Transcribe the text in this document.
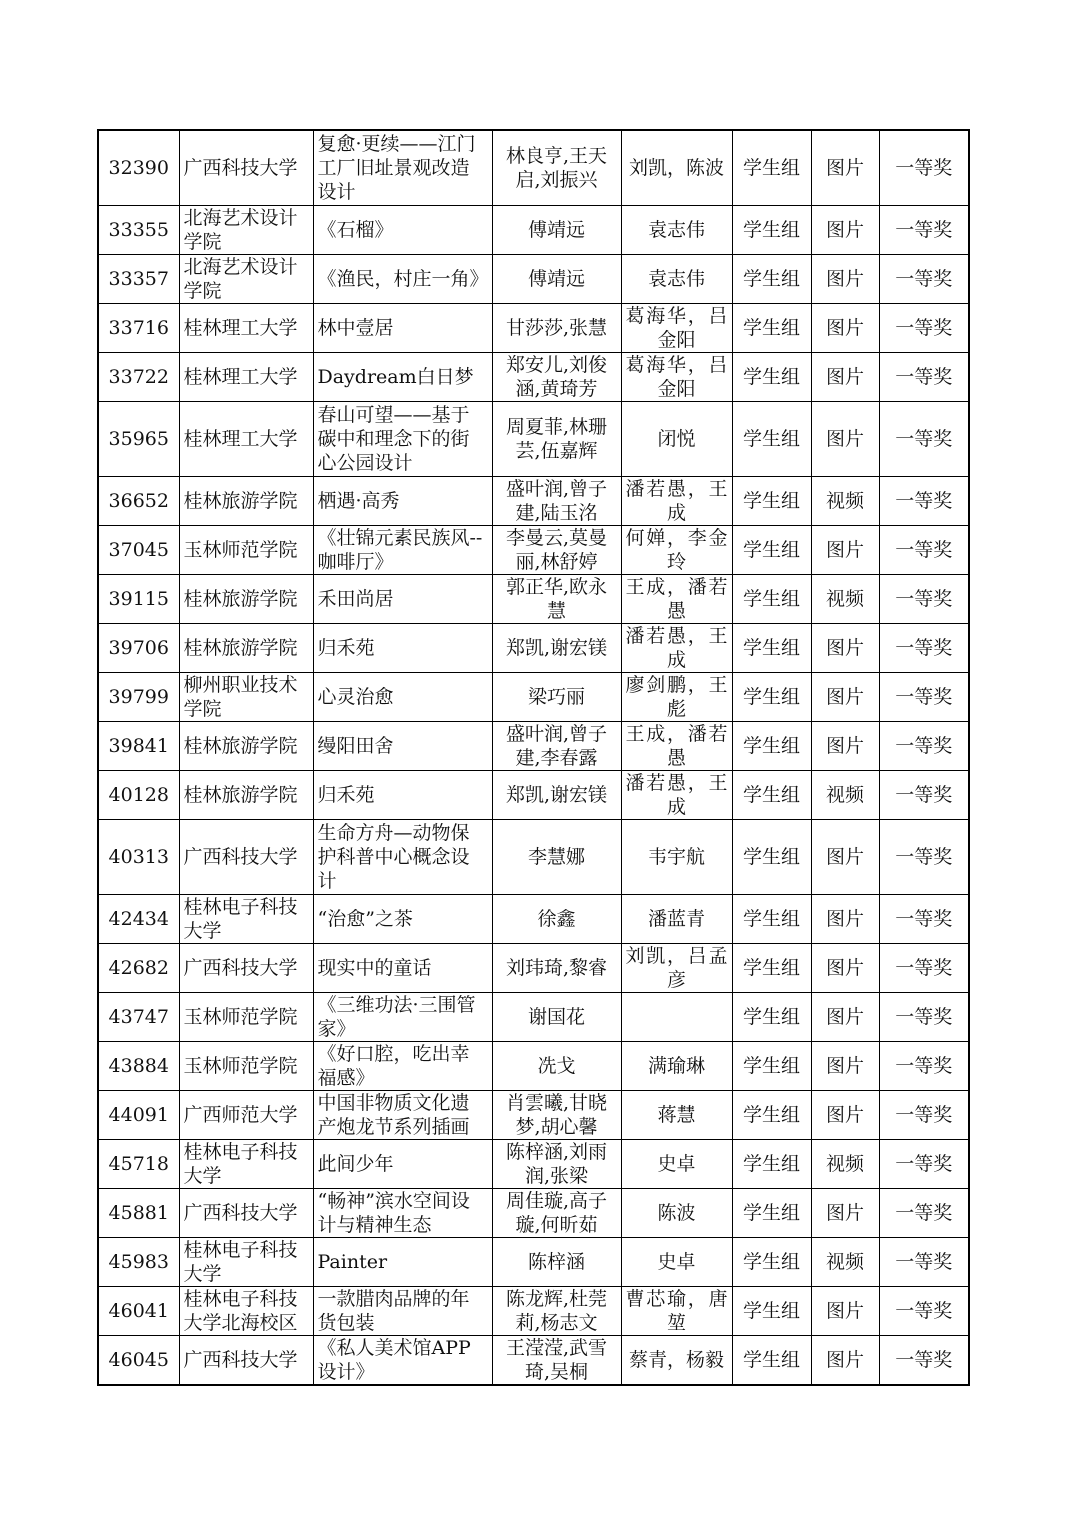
32390	广西科技大学	复愈·更续——江门工厂旧址景观改造设计	林良亨,王天启,刘振兴	刘凯，陈波	学生组	图片	一等奖
33355	北海艺术设计学院	《石榴》	傅靖远	袁志伟	学生组	图片	一等奖
33357	北海艺术设计学院	《渔民，村庄一角》	傅靖远	袁志伟	学生组	图片	一等奖
33716	桂林理工大学	林中壹居	甘莎莎,张慧	葛海华，吕金阳	学生组	图片	一等奖
33722	桂林理工大学	Daydream白日梦	郑安儿,刘俊涵,黄琦芳	葛海华，吕金阳	学生组	图片	一等奖
35965	桂林理工大学	春山可望——基于碳中和理念下的街心公园设计	周夏菲,林珊芸,伍嘉辉	闭悦	学生组	图片	一等奖
36652	桂林旅游学院	栖遇·高秀	盛叶润,曾子建,陆玉洺	潘若愚，王成	学生组	视频	一等奖
37045	玉林师范学院	《壮锦元素民族风--咖啡厅》	李曼云,莫曼丽,林舒婷	何婵，李金玲	学生组	图片	一等奖
39115	桂林旅游学院	禾田尚居	郭正华,欧永慧	王成，潘若愚	学生组	视频	一等奖
39706	桂林旅游学院	归禾苑	郑凯,谢宏镁	潘若愚，王成	学生组	图片	一等奖
39799	柳州职业技术学院	心灵治愈	梁巧丽	廖剑鹏，王彪	学生组	图片	一等奖
39841	桂林旅游学院	缦阳田舍	盛叶润,曾子建,李春露	王成，潘若愚	学生组	图片	一等奖
40128	桂林旅游学院	归禾苑	郑凯,谢宏镁	潘若愚，王成	学生组	视频	一等奖
40313	广西科技大学	生命方舟—动物保护科普中心概念设计	李慧娜	韦宇航	学生组	图片	一等奖
42434	桂林电子科技大学	“治愈”之茶	徐鑫	潘蓝青	学生组	图片	一等奖
42682	广西科技大学	现实中的童话	刘玮琦,黎睿	刘凯，吕孟彦	学生组	图片	一等奖
43747	玉林师范学院	《三维功法·三围管家》	谢国花		学生组	图片	一等奖
43884	玉林师范学院	《好口腔，吃出幸福感》	冼戈	满瑜琳	学生组	图片	一等奖
44091	广西师范大学	中国非物质文化遗产炮龙节系列插画	肖雲曦,甘晓梦,胡心馨	蒋慧	学生组	图片	一等奖
45718	桂林电子科技大学	此间少年	陈梓涵,刘雨润,张梁	史卓	学生组	视频	一等奖
45881	广西科技大学	“畅神”滨水空间设计与精神生态	周佳璇,高子璇,何昕茹	陈波	学生组	图片	一等奖
45983	桂林电子科技大学	Painter	陈梓涵	史卓	学生组	视频	一等奖
46041	桂林电子科技大学北海校区	一款腊肉品牌的年货包装	陈龙辉,杜莞莉,杨志文	曹芯瑜，唐堃	学生组	图片	一等奖
46045	广西科技大学	《私人美术馆APP设计》	王滢滢,武雪琦,吴桐	蔡青，杨毅	学生组	图片	一等奖
